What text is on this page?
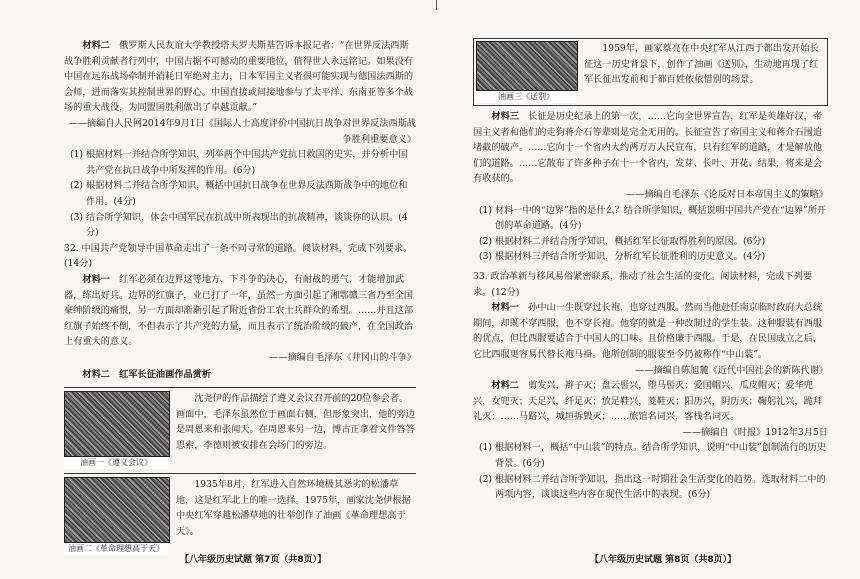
材料二　 俄罗斯人民友谊大学教授塔夫罗夫斯基告诉本报记者：“在世界反法西斯战争胜利贡献者行列中，中国占据不可撼动的重要地位，值得世人永远铭记。如果没有中国在远东战场牵制并消耗日军绝对主力，日本军国主义者很可能实现与德国法西斯的会师，进而落实其控制世界的野心。中国直接或间接地参与了太平洋、东南亚等多个战场的重大战役，为同盟国胜利做出了卓越贡献。”

——摘编自人民网2014年9月1日《国际人士高度评价中国抗日战争对世界反法西斯战争胜利重要意义》

(1) 根据材料一并结合所学知识，列举两个中国共产党抗日救国的史实，并分析中国共产党在抗日战争中所发挥的作用。(6分)

(2) 根据材料二并结合所学知识，概括中国抗日战争在世界反法西斯战争中的地位和作用。(4分)

(3) 结合所学知识，体会中国军民在抗战中所表现出的抗战精神，谈谈你的认识。(4分)

32. 中国共产党领导中国革命走出了一条不同寻常的道路。阅读材料，完成下列要求。(14分)

材料一　 红军必须在边界这等地方，下斗争的决心，有耐战的勇气，才能增加武器，练出好兵。边界的红旗子，业已打了一年，虽然一方面引起了湘鄂赣三省乃至全国豪绅阶级的痛恨，另一方面却渐渐引起了附近省份工农士兵群众的希望。……并且这部红旗子始终不倒，不但表示了共产党的力量，而且表示了统治阶级的破产，在全国政治上有重大的意义。

——摘编自毛泽东《井冈山的斗争》

材料二　 红军长征油画作品赏析

油画一《遵义会议》
沈尧伊的作品描绘了遵义会议召开前的20位参会者。画面中，毛泽东虽然位于画面右侧，但形象突出，他的旁边是周恩来和张闻天。在周恩来另一边，博古正拿着文件答答思索，李德则被安排在会场门的旁边。
油画二《革命理想高于天》
1935年8月，红军进入自然环境极其恶劣的松潘草地，这是红军北上的唯一选择。1975年，画家沈尧伊根据中央红军穿越松潘草地的壮举创作了油画《革命理想高于天》。
【八年级历史试题 第7页（共8页）】
油画三《送别》
1959年，画家蔡亮在中央红军从江西于都出发开始长征这一历史背景下，创作了油画《送别》，生动地再现了红军长征出发前和于都百姓依依惜别的场景。

材料三　 长征是历史纪录上的第一次，……它向全世界宣告，红军是英雄好汉，帝国主义者和他们的走狗蒋介石等辈则是完全无用的。长征宣告了帝国主义和蒋介石围追堵截的破产。……它向十一个省内大约两万万人民宣布，只有红军的道路，才是解放他们的道路。……它散布了许多种子在十一个省内，发芽、长叶、开花、结果，将来是会有收获的。

——摘编自毛泽东《论反对日本帝国主义的策略》

(1) 材料一中的“边界”指的是什么？结合所学知识，概括说明中国共产党在“边界”所开创的革命道路。(4分)

(2) 根据材料二并结合所学知识，概括红军长征取得胜利的原因。(6分)

(3) 根据材料三并结合所学知识，分析红军长征胜利的历史意义。(4分)

33. 政治革新与移风易俗紧密联系，推动了社会生活的变化。阅读材料，完成下列要求。(12分)

材料一　 孙中山一生既穿过长袍，也穿过西服。然而当他赴任南京临时政府大总统期间，却既不穿西服，也不穿长袍。他穿的就是一种改制过的学生装。这种服装有西服的优点，但比西服要适合于中国人的口味。且价格廉于西服。于是，在民国成立之后，它比西服更容易代替长袍马褂。他所创制的服装至今仍被称作“中山装”。

——摘编自陈旭麓《近代中国社会的新陈代谢》

材料二　 剪发兴，辫子灭；盘云髻兴，堕马髻灭；爱国帽兴，瓜皮帽灭；爱华兜兴，女兜灭；天足兴，纤足灭；放足鞋兴，菱鞋灭；阳历兴，阴历灭；鞠躬礼兴，跪拜礼灭；……马路兴，城垣拆毁灭；……旅馆名词兴，客栈名词灭。

——摘编自《时报》1912年3月5日

(1) 根据材料一，概括“中山装”的特点。结合所学知识，说明“中山装”创制流行的历史背景。(6分)

(2) 根据材料二并结合所学知识，指出这一时期社会生活变化的趋势。选取材料二中的两项内容，谈谈这些内容在现代生活中的表现。(6分)

【八年级历史试题 第8页（共8页）】
